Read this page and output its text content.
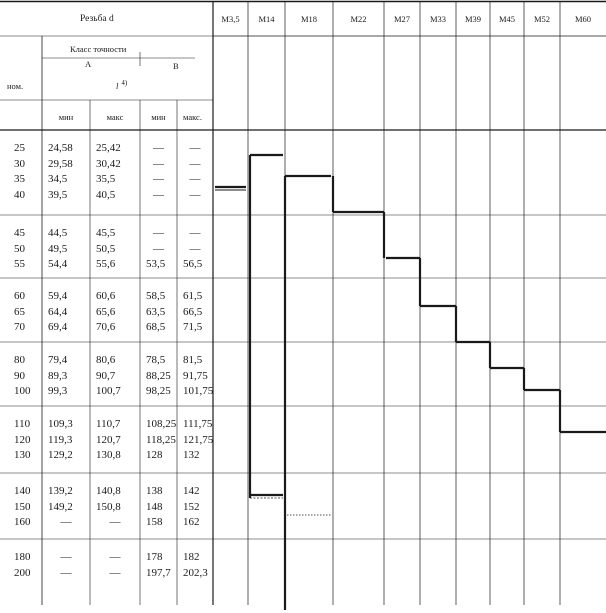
Резьба d
ном.
Класс точности
А	В
l $^{4)}$
мин	макс	мин	макс.
M3,5	M14	M18	M22	M27	M33	M39	M45	M52	M60
25 24,58 25,42	—	—
30 29,58 30,42	—	—
35 34,5	35,5	—	—
40 39,5	40,5	—	—
45 44,5	45,5	—	—
50 49,5	50,5	—	—
55 54,4	55,6	53,5 56,5
60 59,4	60,6	58,5 61,5
65 64,4	65,6	63,5 66,5
70 69,4	70,6	68,5 71,5
80 79,4	80,6	78,5 81,5
90 89,3	90,7	88,25 91,75
100 99,3	100,7 98,25 101,75
110 109,3 110,7 108,25 111,75
120 119,3 120,7 118,25 121,75
130 129,2 130,8 128 132
140 139,2 140,8 138 142
150 149,2 150,8 148 152
160	—	—	158 162
180	—	—	178 182
200	—	—	197,7 202,3
